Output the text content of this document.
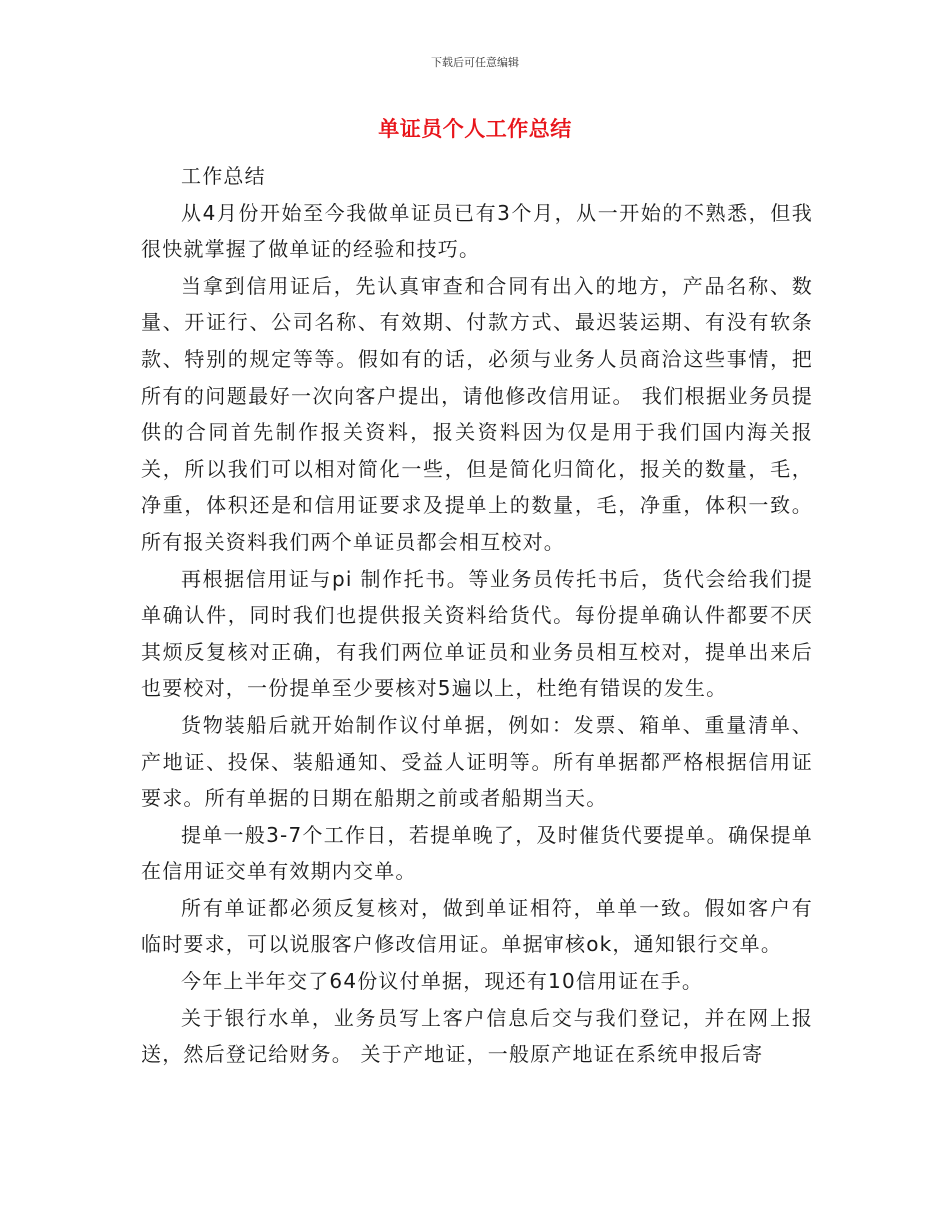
下载后可任意编辑
单证员个人工作总结

工作总结

从4月份开始至今我做单证员已有3个月，从一开始的不熟悉，但我很快就掌握了做单证的经验和技巧。

当拿到信用证后，先认真审查和合同有出入的地方，产品名称、数量、开证行、公司名称、有效期、付款方式、最迟装运期、有没有软条款、特别的规定等等。假如有的话，必须与业务人员商洽这些事情，把所有的问题最好一次向客户提出，请他修改信用证。 我们根据业务员提供的合同首先制作报关资料，报关资料因为仅是用于我们国内海关报关，所以我们可以相对简化一些，但是简化归简化，报关的数量，毛，净重，体积还是和信用证要求及提单上的数量，毛，净重，体积一致。所有报关资料我们两个单证员都会相互校对。

再根据信用证与pi 制作托书。等业务员传托书后，货代会给我们提单确认件，同时我们也提供报关资料给货代。每份提单确认件都要不厌其烦反复核对正确，有我们两位单证员和业务员相互校对，提单出来后也要校对，一份提单至少要核对5遍以上，杜绝有错误的发生。

货物装船后就开始制作议付单据，例如：发票、箱单、重量清单、产地证、投保、装船通知、受益人证明等。所有单据都严格根据信用证要求。所有单据的日期在船期之前或者船期当天。

提单一般3-7个工作日，若提单晚了，及时催货代要提单。确保提单在信用证交单有效期内交单。

所有单证都必须反复核对，做到单证相符，单单一致。假如客户有临时要求，可以说服客户修改信用证。单据审核ok，通知银行交单。

今年上半年交了64份议付单据，现还有10信用证在手。

关于银行水单，业务员写上客户信息后交与我们登记，并在网上报送，然后登记给财务。 关于产地证，一般原产地证在系统申报后寄
